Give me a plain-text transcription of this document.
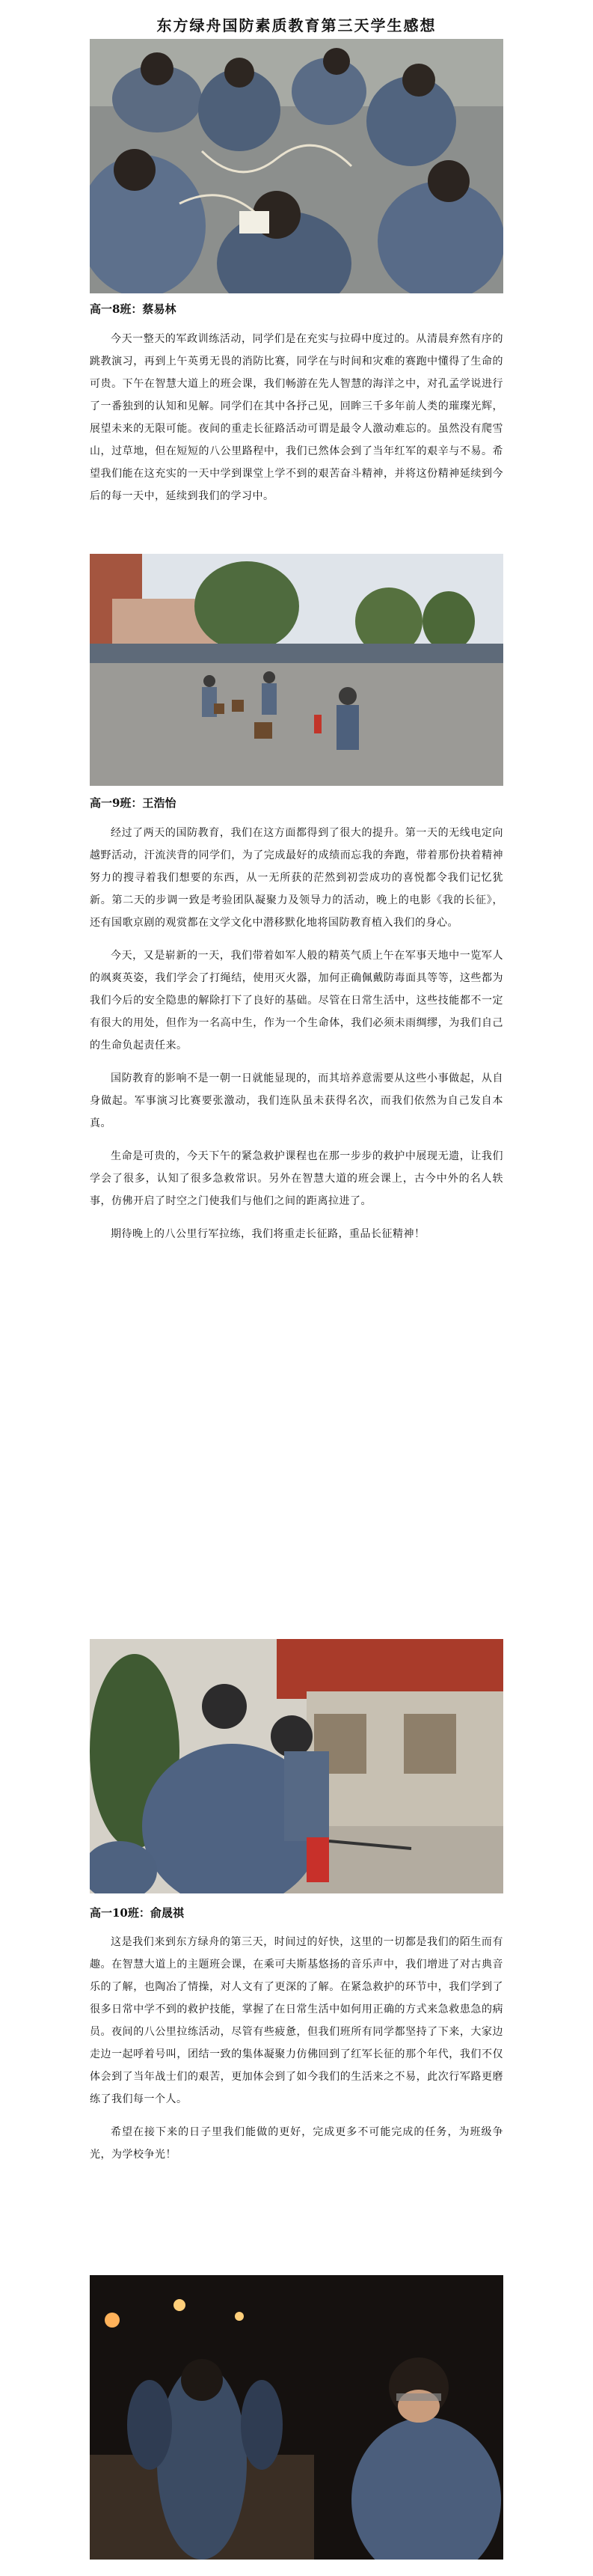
东方绿舟国防素质教育第三天学生感想
高一8班：蔡易林

今天一整天的军政训练活动，同学们是在充实与拉碍中度过的。从清晨弃然有序的跳教演习，再到上午英勇无畏的消防比赛，同学在与时间和灾难的赛跑中懂得了生命的可贵。下午在智慧大道上的班会课，我们畅游在先人智慧的海洋之中，对孔孟学说进行了一番独到的认知和见解。同学们在其中各抒己见，回眸三千多年前人类的璀璨光辉，展望未来的无限可能。夜间的重走长征路活动可谓是最令人激动难忘的。虽然没有爬雪山，过草地，但在短短的八公里路程中，我们已然体会到了当年红军的艰辛与不易。希望我们能在这充实的一天中学到课堂上学不到的艰苦奋斗精神，并将这份精神延续到今后的每一天中，延续到我们的学习中。

高一9班：王浩怡

经过了两天的国防教育，我们在这方面都得到了很大的提升。第一天的无线电定向越野活动，汗流浃背的同学们，为了完成最好的成绩而忘我的奔跑，带着那份抉着精神努力的搜寻着我们想要的东西，从一无所获的茫然到初尝成功的喜悦都令我们记忆犹新。第二天的步调一致是考验团队凝聚力及领导力的活动，晚上的电影《我的长征》，还有国歌京剧的观赏都在文学文化中潜移默化地将国防教育植入我们的身心。

今天，又是崭新的一天，我们带着如军人般的精英气质上午在军事天地中一览军人的飒爽英姿，我们学会了打绳结，使用灭火器，加何正确佩戴防毒面具等等，这些都为我们今后的安全隐患的解除打下了良好的基础。尽管在日常生活中，这些技能都不一定有很大的用处，但作为一名高中生，作为一个生命体，我们必须未雨绸缪，为我们自己的生命负起责任来。

国防教育的影响不是一朝一日就能显现的，而其培养意需要从这些小事做起，从自身做起。军事演习比赛要张激动，我们连队虽未获得名次，而我们依然为自己发自本真。

生命是可贵的，今天下午的紧急救护课程也在那一步步的救护中展现无遗，让我们学会了很多，认知了很多急救常识。另外在智慧大道的班会课上，古今中外的名人轶事，仿佛开启了时空之门使我们与他们之间的距离拉进了。

期待晚上的八公里行军拉练，我们将重走长征路，重品长征精神！

高一10班：俞晟祺

这是我们来到东方绿舟的第三天，时间过的好快，这里的一切都是我们的陌生而有趣。在智慧大道上的主题班会课，在乘可夫斯基悠扬的音乐声中，我们增进了对古典音乐的了解，也陶冶了情操，对人文有了更深的了解。在紧急救护的环节中，我们学到了很多日常中学不到的救护技能，掌握了在日常生活中如何用正确的方式来急救患急的病员。夜间的八公里拉练活动，尽管有些疲惫，但我们班所有同学都坚持了下来，大家边走边一起呼着号叫，团结一致的集体凝聚力仿佛回到了红军长征的那个年代，我们不仅体会到了当年战士们的艰苦，更加体会到了如今我们的生活来之不易，此次行军路更磨练了我们每一个人。

希望在接下来的日子里我们能做的更好，完成更多不可能完成的任务，为班级争光，为学校争光！
